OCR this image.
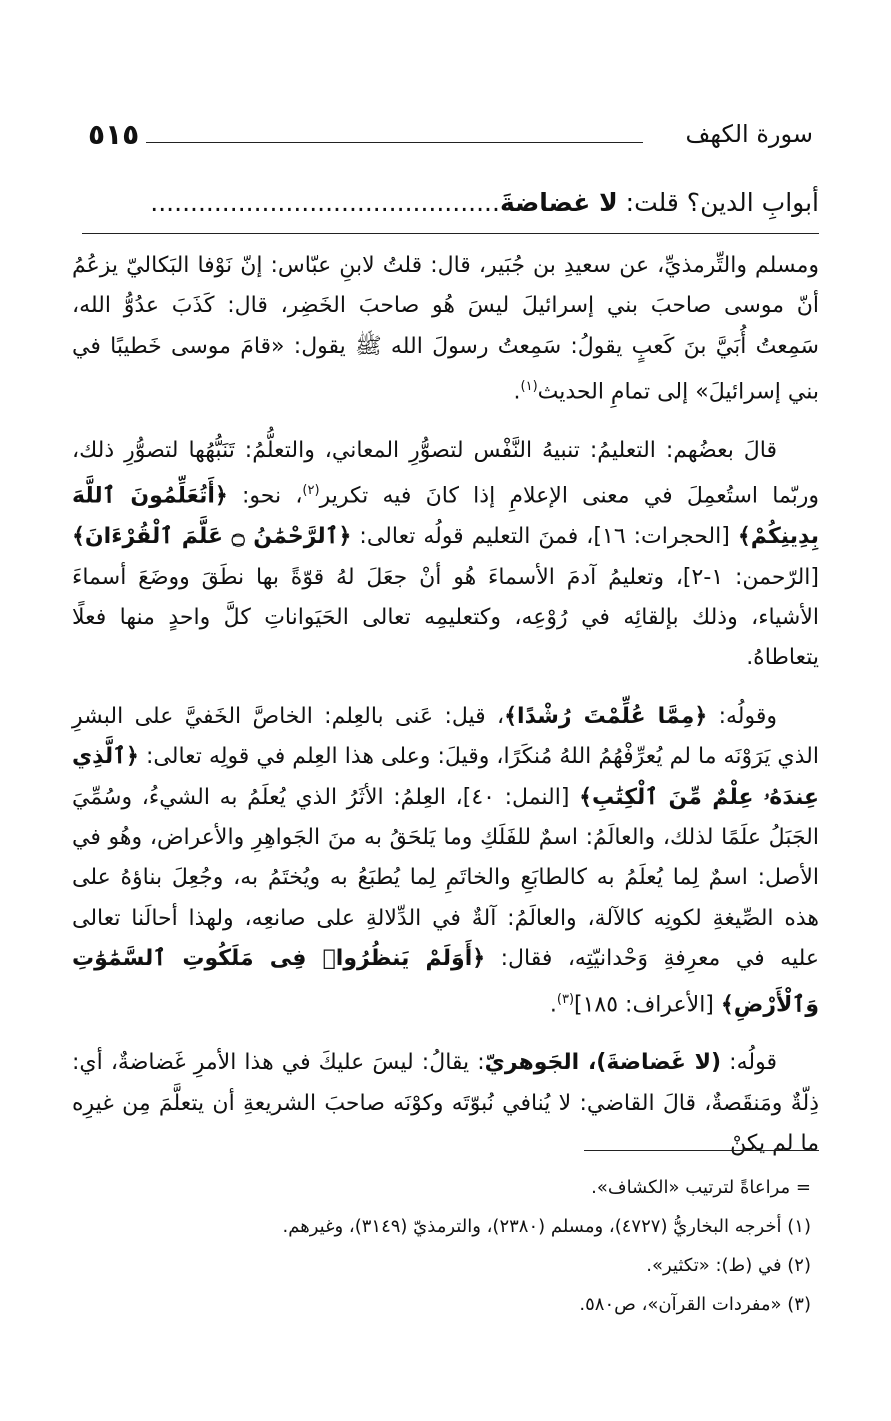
سورة الكهف
٥١٥
أبوابِ الدين؟ قلت: لا غضاضةَ............................................

ومسلم والتِّرمذيِّ، عن سعيدِ بن جُبَير، قال: قلتُ لابنِ عبّاس: إنّ نَوْفا البَكاليّ يزعُمُ أنّ موسى صاحبَ بني إسرائيلَ ليسَ هُو صاحبَ الخَضِر، قال: كَذَبَ عدُوُّ الله، سَمِعتُ أُبَيَّ بنَ كَعبٍ يقولُ: سَمِعتُ رسولَ الله ﷺ يقول: «قامَ موسى خَطيبًا في بني إسرائيلَ» إلى تمامِ الحديث$^{(١)}$.

قالَ بعضُهم: التعليمُ: تنبيهُ النَّفْس لتصوُّرِ المعاني، والتعلُّمُ: تَنَبُّهُها لتصوُّرِ ذلك، وربّما استُعمِلَ في معنى الإعلامِ إذا كانَ فيه تكرير$^{(٢)}$، نحو: ﴿أَتُعَلِّمُونَ ٱللَّهَ بِدِينِكُمْ﴾ [الحجرات: ١٦]، فمنَ التعليم قولُه تعالى: ﴿ٱلرَّحْمَٰنُ ۝ عَلَّمَ ٱلْقُرْءَانَ﴾ [الرّحمن: ١-٢]، وتعليمُ آدمَ الأسماءَ هُو أنْ جعَلَ لهُ قوّةً بها نطَقَ ووضَعَ أسماءَ الأشياء، وذلك بإلقائِه في رُوْعِه، وكتعليمِه تعالى الحَيَواناتِ كلَّ واحدٍ منها فعلًا يتعاطاهُ.

وقولُه: ﴿مِمَّا عُلِّمْتَ رُشْدًا﴾، قيل: عَنى بالعِلم: الخاصَّ الخَفيَّ على البشرِ الذي يَرَوْنَه ما لم يُعرِّفْهُمُ اللهُ مُنكَرًا، وقيلَ: وعلى هذا العِلم في قولِه تعالى: ﴿ٱلَّذِي عِندَهُۥ عِلْمٌ مِّنَ ٱلْكِتَٰبِ﴾ [النمل: ٤٠]، العِلمُ: الأثَرُ الذي يُعلَمُ به الشيءُ، وسُمِّيَ الجَبَلُ علَمًا لذلك، والعالَمُ: اسمٌ للفَلَكِ وما يَلحَقُ به منَ الجَواهِرِ والأعراض، وهُو في الأصل: اسمٌ لِما يُعلَمُ به كالطابَعِ والخاتَمِ لِما يُطبَعُ به ويُختَمُ به، وجُعِلَ بناؤهُ على هذه الصِّيغةِ لكونِه كالآلة، والعالَمُ: آلةٌ في الدِّلالةِ على صانعِه، ولهذا أحالَنا تعالى عليه في معرِفةِ وَحْدانيّتِه، فقال: ﴿أَوَلَمْ يَنظُرُوا۟ فِى مَلَكُوتِ ٱلسَّمَٰوَٰتِ وَٱلْأَرْضِ﴾ [الأعراف: ١٨٥]$^{(٣)}$.

قولُه: (لا غَضاضةَ)، الجَوهريّ: يقالُ: ليسَ عليكَ في هذا الأمرِ غَضاضةٌ، أي: ذِلّةٌ ومَنقَصةٌ، قالَ القاضي: لا يُنافي نُبوّتَه وكوْنَه صاحبَ الشريعةِ أن يتعلَّمَ مِن غيرِه ما لم يكنْ

= مراعاةً لترتيب «الكشاف».
(١) أخرجه البخاريُّ (٤٧٢٧)، ومسلم (٢٣٨٠)، والترمذيّ (٣١٤٩)، وغيرهم.
(٢) في (ط): «تكثير».
(٣) «مفردات القرآن»، ص٥٨٠.
